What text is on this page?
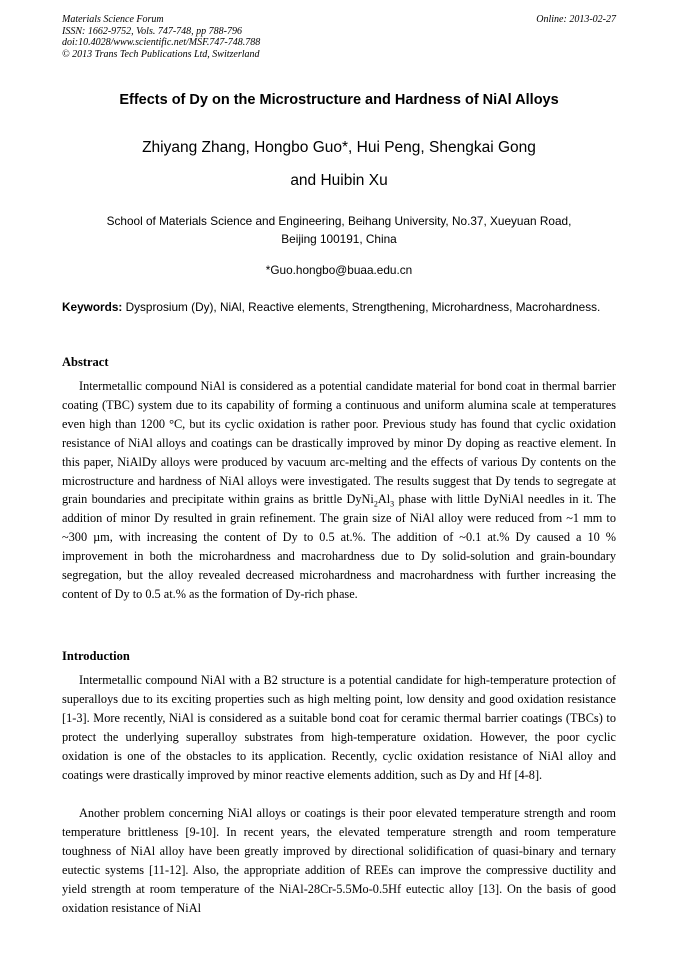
Materials Science Forum
ISSN: 1662-9752, Vols. 747-748, pp 788-796
doi:10.4028/www.scientific.net/MSF.747-748.788
© 2013 Trans Tech Publications Ltd, Switzerland
Online: 2013-02-27
Effects of Dy on the Microstructure and Hardness of NiAl Alloys
Zhiyang Zhang, Hongbo Guo*, Hui Peng, Shengkai Gong
and Huibin Xu
School of Materials Science and Engineering, Beihang University, No.37, Xueyuan Road,
Beijing 100191, China
*Guo.hongbo@buaa.edu.cn
Keywords: Dysprosium (Dy), NiAl, Reactive elements, Strengthening, Microhardness, Macrohardness.
Abstract
Intermetallic compound NiAl is considered as a potential candidate material for bond coat in thermal barrier coating (TBC) system due to its capability of forming a continuous and uniform alumina scale at temperatures even high than 1200 °C, but its cyclic oxidation is rather poor. Previous study has found that cyclic oxidation resistance of NiAl alloys and coatings can be drastically improved by minor Dy doping as reactive element. In this paper, NiAlDy alloys were produced by vacuum arc-melting and the effects of various Dy contents on the microstructure and hardness of NiAl alloys were investigated. The results suggest that Dy tends to segregate at grain boundaries and precipitate within grains as brittle $DyNi_2Al_3$ phase with little DyNiAl needles in it. The addition of minor Dy resulted in grain refinement. The grain size of NiAl alloy were reduced from ~1 mm to ~300 µm, with increasing the content of Dy to 0.5 at.%. The addition of ~0.1 at.% Dy caused a 10 % improvement in both the microhardness and macrohardness due to Dy solid-solution and grain-boundary segregation, but the alloy revealed decreased microhardness and macrohardness with further increasing the content of Dy to 0.5 at.% as the formation of Dy-rich phase.
Introduction
Intermetallic compound NiAl with a B2 structure is a potential candidate for high-temperature protection of superalloys due to its exciting properties such as high melting point, low density and good oxidation resistance [1-3]. More recently, NiAl is considered as a suitable bond coat for ceramic thermal barrier coatings (TBCs) to protect the underlying superalloy substrates from high-temperature oxidation. However, the poor cyclic oxidation is one of the obstacles to its application. Recently, cyclic oxidation resistance of NiAl alloy and coatings were drastically improved by minor reactive elements addition, such as Dy and Hf [4-8].
Another problem concerning NiAl alloys or coatings is their poor elevated temperature strength and room temperature brittleness [9-10]. In recent years, the elevated temperature strength and room temperature toughness of NiAl alloy have been greatly improved by directional solidification of quasi-binary and ternary eutectic systems [11-12]. Also, the appropriate addition of REEs can improve the compressive ductility and yield strength at room temperature of the NiAl-28Cr-5.5Mo-0.5Hf eutectic alloy [13]. On the basis of good oxidation resistance of NiAl
